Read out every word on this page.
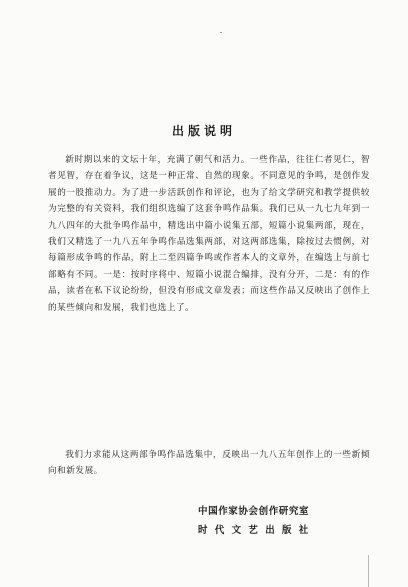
出版说明

新时期以来的文坛十年，充满了朝气和活力。一些作品，往往仁者见仁，智者见智，存在着争议，这是一种正常、自然的现象。不同意见的争鸣，是创作发展的一股推动力。为了进一步活跃创作和评论，也为了给文学研究和教学提供较为完整的有关资料，我们组织选编了这套争鸣作品集。我们已从一九七九年到一九八四年的大批争鸣作品中，精选出中篇小说集五部，短篇小说集两部，现在，我们又精选了一九八五年争鸣作品选集两部，对这两部选集，除按过去惯例，对每篇形成争鸣的作品，附上二至四篇争鸣或作者本人的文章外，在编选上与前七部略有不同。一是：按时序将中、短篇小说混合编排，没有分开，二是：有的作品，读者在私下议论纷纷，但没有形成文章发表；而这些作品又反映出了创作上的某些倾向和发展，我们也选上了。

我们力求能从这两部争鸣作品选集中，反映出一九八五年创作上的一些新倾向和新发展。

中国作家协会创作研究室
时代文艺出版社
